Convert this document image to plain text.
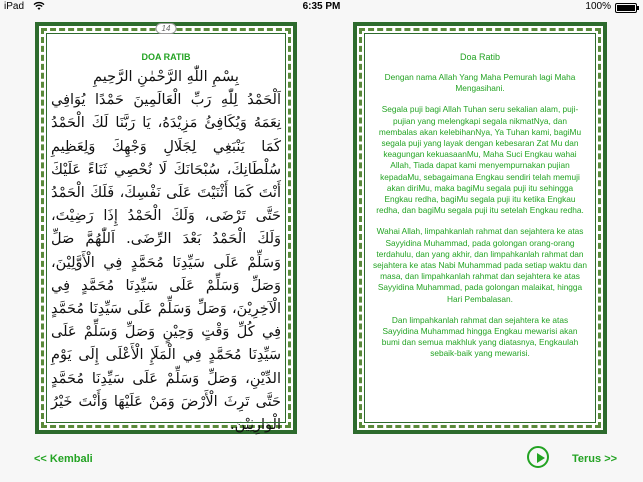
iPad	6:35 PM	100%
14
DOA RATIB
بِسْمِ اللّٰهِ الرَّحْمٰنِ الرَّحِيمِ
اَلْحَمْدُ لِلّٰهِ رَبِّ الْعَالَمِينَ حَمْدًا يُوَافِي نِعَمَهُ وَيُكَافِئُ مَزِيْدَهُ، يَا رَبَّنَا لَكَ الْحَمْدُ كَمَا يَنْبَغِي لِجَلَالِ وَجْهِكَ وَلِعَظِيمِ سُلْطَانِكَ، سُبْحَانَكَ لَا نُحْصِي ثَنَاءً عَلَيْكَ أَنْتَ كَمَا أَثْنَيْتَ عَلَى نَفْسِكَ، فَلَكَ الْحَمْدُ حَتَّى تَرْضَى، وَلَكَ الْحَمْدُ إِذَا رَضِيْتَ، وَلَكَ الْحَمْدُ بَعْدَ الرِّضَى. اَللّٰهُمَّ صَلِّ وَسَلِّمْ عَلَى سَيِّدِنَا مُحَمَّدٍ فِي الْأَوَّلِيْنَ، وَصَلِّ وَسَلِّمْ عَلَى سَيِّدِنَا مُحَمَّدٍ فِي الْآخِرِيْنَ، وَصَلِّ وَسَلِّمْ عَلَى سَيِّدِنَا مُحَمَّدٍ فِي كُلِّ وَقْتٍ وَحِيْنٍ وَصَلِّ وَسَلِّمْ عَلَى سَيِّدِنَا مُحَمَّدٍ فِي الْمَلَإِ الْأَعْلَى إِلَى يَوْمِ الدِّيْنِ، وَصَلِّ وَسَلِّمْ عَلَى سَيِّدِنَا مُحَمَّدٍ حَتَّى تَرِثَ الْأَرْضَ وَمَنْ عَلَيْهَا وَأَنْتَ خَيْرُ الْوَارِثِيْنَ.
Doa Ratib
Dengan nama Allah Yang Maha Pemurah lagi Maha Mengasihani.
Segala puji bagi Allah Tuhan seru sekalian alam, puji-pujian yang melengkapi segala nikmatNya, dan membalas akan kelebihanNya, Ya Tuhan kami, bagiMu segala puji yang layak dengan kebesaran Zat Mu dan keagungan kekuasaanMu, Maha Suci Engkau wahai Allah, Tiada dapat kami menyempurnakan pujian kepadaMu, sebagaimana Engkau sendiri telah memuji akan diriMu, maka bagiMu segala puji itu sehingga Engkau redha, bagiMu segala puji itu ketika Engkau redha, dan bagiMu segala puji itu setelah Engkau redha.
Wahai Allah, limpahkanlah rahmat dan sejahtera ke atas Sayyidina Muhammad, pada golongan orang-orang terdahulu, dan yang akhir, dan limpahkanlah rahmat dan sejahtera ke atas Nabi Muhammad pada setiap waktu dan masa, dan limpahkanlah rahmat dan sejahtera ke atas Sayyidina Muhammad, pada golongan malaikat, hingga Hari Pembalasan.
Dan limpahkanlah rahmat dan sejahtera ke atas Sayyidina Muhammad hingga Engkau mewarisi akan bumi dan semua makhluk yang diatasnya, Engkaulah sebaik-baik yang mewarisi.
<< Kembali	Terus >>
